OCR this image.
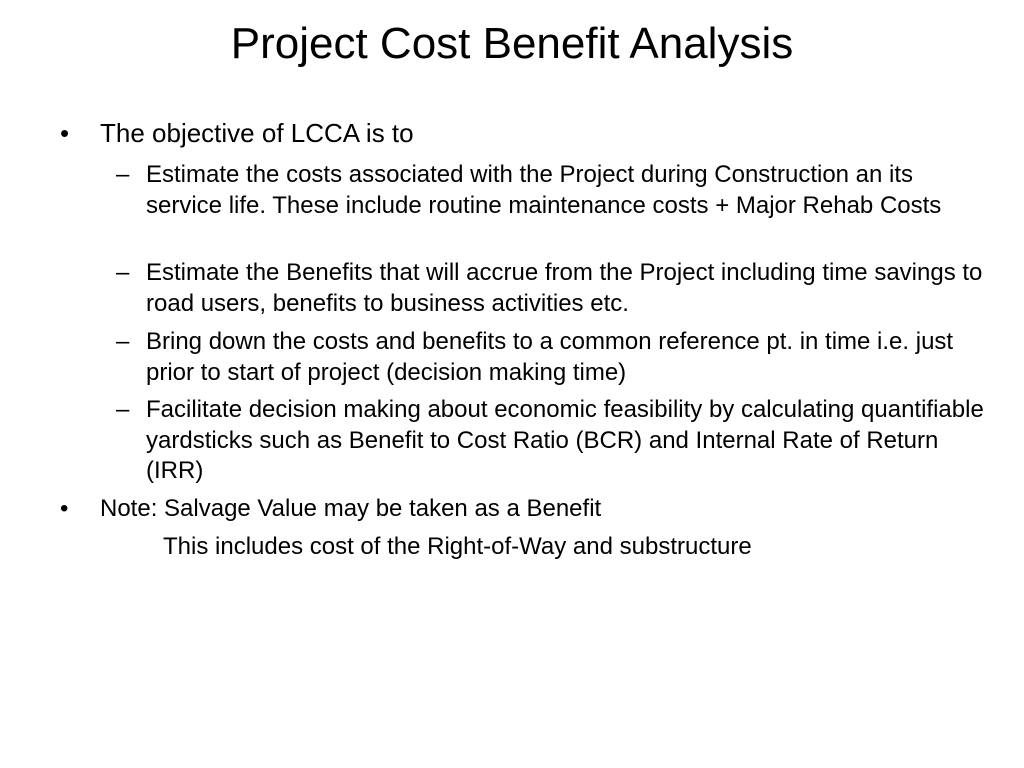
Project Cost Benefit Analysis
• The objective of LCCA is to
– Estimate the costs associated with the Project during Construction an its service life. These include routine maintenance costs + Major Rehab Costs
– Estimate the Benefits that will accrue from the Project including time savings to road users, benefits to business activities etc.
– Bring down the costs and benefits to a common reference pt. in time i.e. just prior to start of project (decision making time)
– Facilitate decision making about economic feasibility by calculating quantifiable yardsticks such as Benefit to Cost Ratio (BCR) and Internal Rate of Return (IRR)
• Note: Salvage Value may be taken as a Benefit
This includes cost of the Right-of-Way and substructure
